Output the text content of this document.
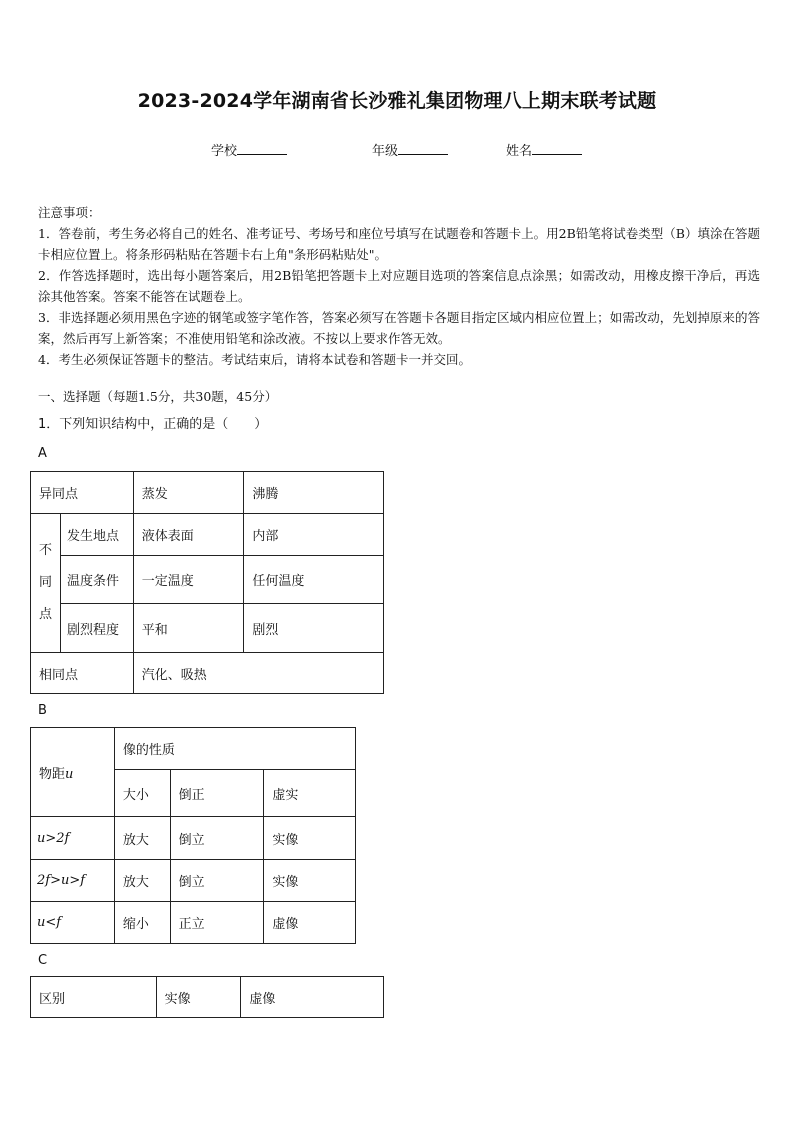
2023-2024学年湖南省长沙雅礼集团物理八上期末联考试题
学校	年级	姓名

注意事项：

1．答卷前，考生务必将自己的姓名、准考证号、考场号和座位号填写在试题卷和答题卡上。用2B铅笔将试卷类型（B）填涂在答题卡相应位置上。将条形码粘贴在答题卡右上角"条形码粘贴处"。

2．作答选择题时，选出每小题答案后，用2B铅笔把答题卡上对应题目选项的答案信息点涂黑；如需改动，用橡皮擦干净后，再选涂其他答案。答案不能答在试题卷上。

3．非选择题必须用黑色字迹的钢笔或签字笔作答，答案必须写在答题卡各题目指定区域内相应位置上；如需改动，先划掉原来的答案，然后再写上新答案；不准使用铅笔和涂改液。不按以上要求作答无效。

4．考生必须保证答题卡的整洁。考试结束后，请将本试卷和答题卡一并交回。

一、选择题（每题1.5分，共30题，45分）
1．下列知识结构中，正确的是（　　）
A
异同点		蒸发	沸腾
不
同
点	发生地点	液体表面	内部
	温度条件	一定温度	任何温度
	剧烈程度	平和	剧烈
相同点		汽化、吸热	
B
物距u	像的性质		
	大小	倒正	虚实
u>2f	放大	倒立	实像
2f>u>f	放大	倒立	实像
u<f	缩小	正立	虚像
C
区别	实像	虚像
